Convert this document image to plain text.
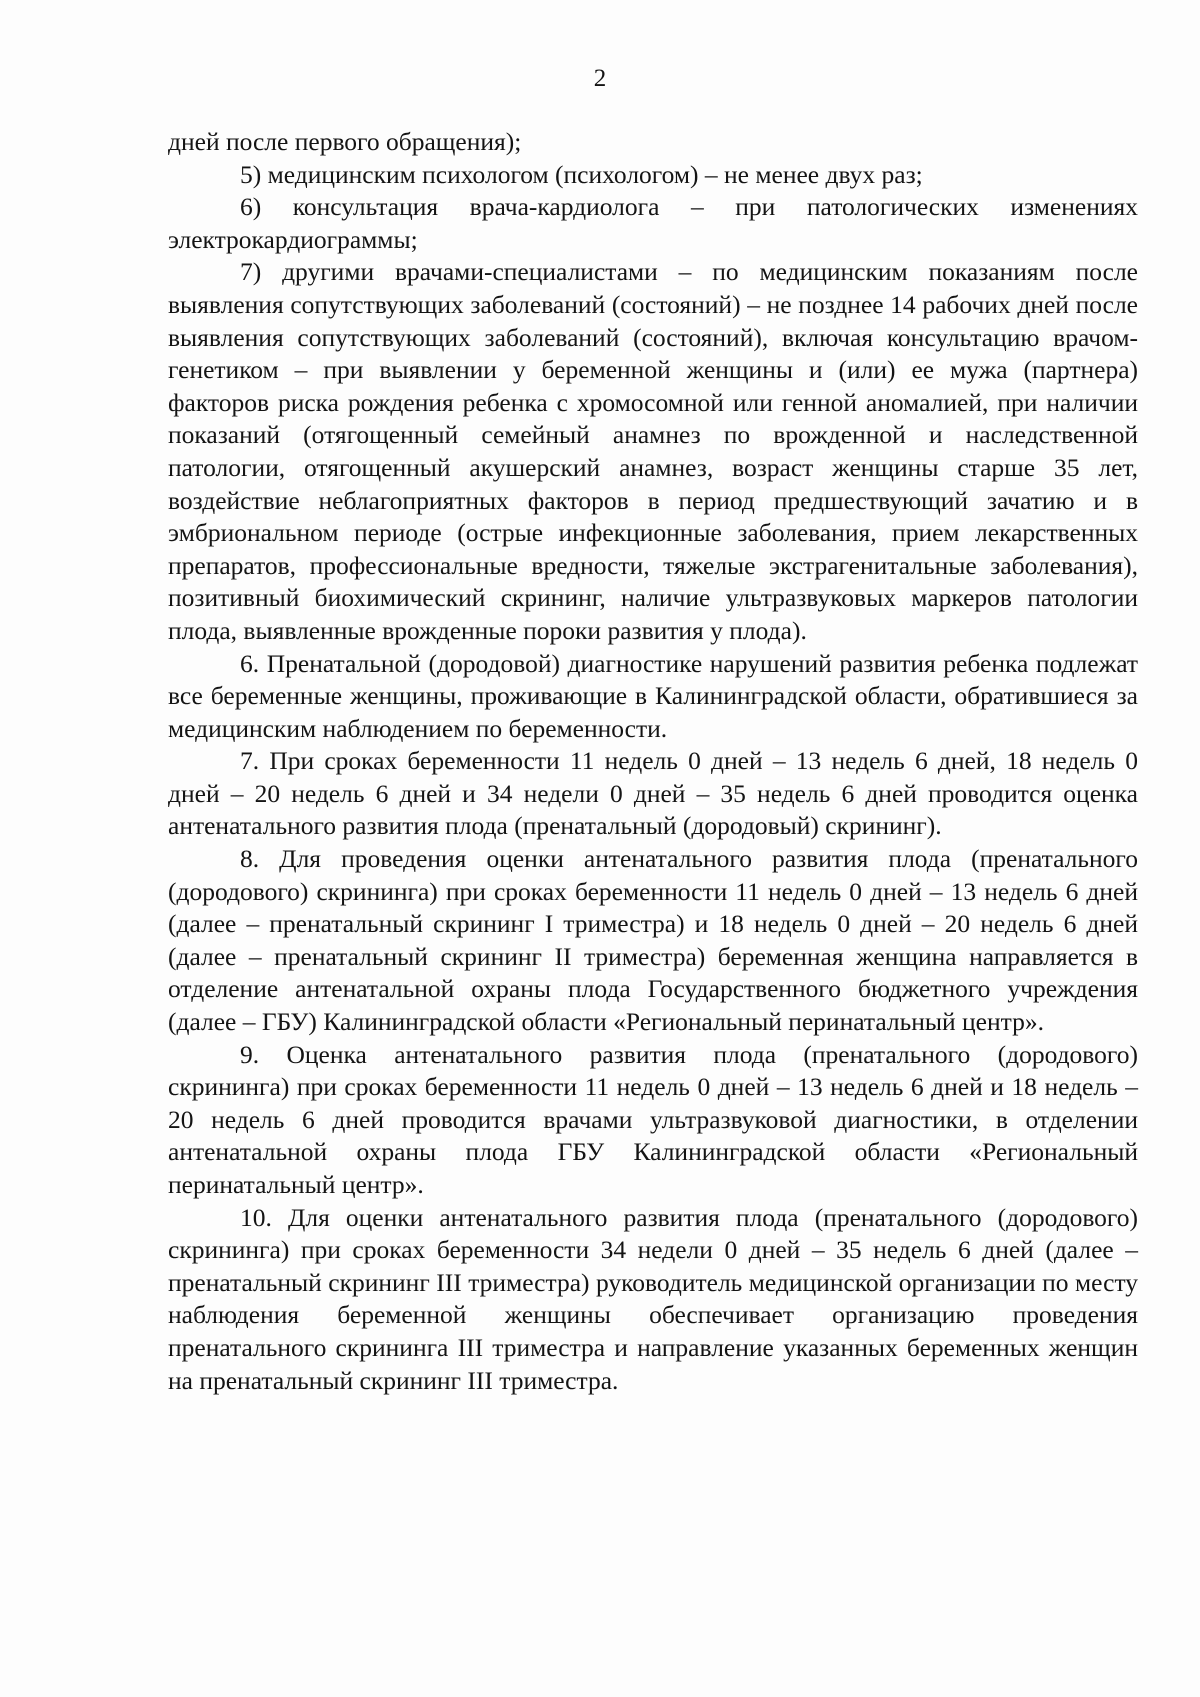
2

дней после первого обращения);

5) медицинским психологом (психологом) – не менее двух раз;

6) консультация врача-кардиолога – при патологических изменениях электрокардиограммы;

7) другими врачами-специалистами – по медицинским показаниям после выявления сопутствующих заболеваний (состояний) – не позднее 14 рабочих дней после выявления сопутствующих заболеваний (состояний), включая консультацию врачом-генетиком – при выявлении у беременной женщины и (или) ее мужа (партнера) факторов риска рождения ребенка с хромосомной или генной аномалией, при наличии показаний (отягощенный семейный анамнез по врожденной и наследственной патологии, отягощенный акушерский анамнез, возраст женщины старше 35 лет, воздействие неблагоприятных факторов в период предшествующий зачатию и в эмбриональном периоде (острые инфекционные заболевания, прием лекарственных препаратов, профессиональные вредности, тяжелые экстрагенитальные заболевания), позитивный биохимический скрининг, наличие ультразвуковых маркеров патологии плода, выявленные врожденные пороки развития у плода).

6. Пренатальной (дородовой) диагностике нарушений развития ребенка подлежат все беременные женщины, проживающие в Калининградской области, обратившиеся за медицинским наблюдением по беременности.

7. При сроках беременности 11 недель 0 дней – 13 недель 6 дней, 18 недель 0 дней – 20 недель 6 дней и 34 недели 0 дней – 35 недель 6 дней проводится оценка антенатального развития плода (пренатальный (дородовый) скрининг).

8. Для проведения оценки антенатального развития плода (пренатального (дородового) скрининга) при сроках беременности 11 недель 0 дней – 13 недель 6 дней (далее – пренатальный скрининг I триместра) и 18 недель 0 дней – 20 недель 6 дней (далее – пренатальный скрининг II триместра) беременная женщина направляется в отделение антенатальной охраны плода Государственного бюджетного учреждения (далее – ГБУ) Калининградской области «Региональный перинатальный центр».

9. Оценка антенатального развития плода (пренатального (дородового) скрининга) при сроках беременности 11 недель 0 дней – 13 недель 6 дней и 18 недель – 20 недель 6 дней проводится врачами ультразвуковой диагностики, в отделении антенатальной охраны плода ГБУ Калининградской области «Региональный перинатальный центр».

10. Для оценки антенатального развития плода (пренатального (дородового) скрининга) при сроках беременности 34 недели 0 дней – 35 недель 6 дней (далее – пренатальный скрининг III триместра) руководитель медицинской организации по месту наблюдения беременной женщины обеспечивает организацию проведения пренатального скрининга III триместра и направление указанных беременных женщин на пренатальный скрининг III триместра.
